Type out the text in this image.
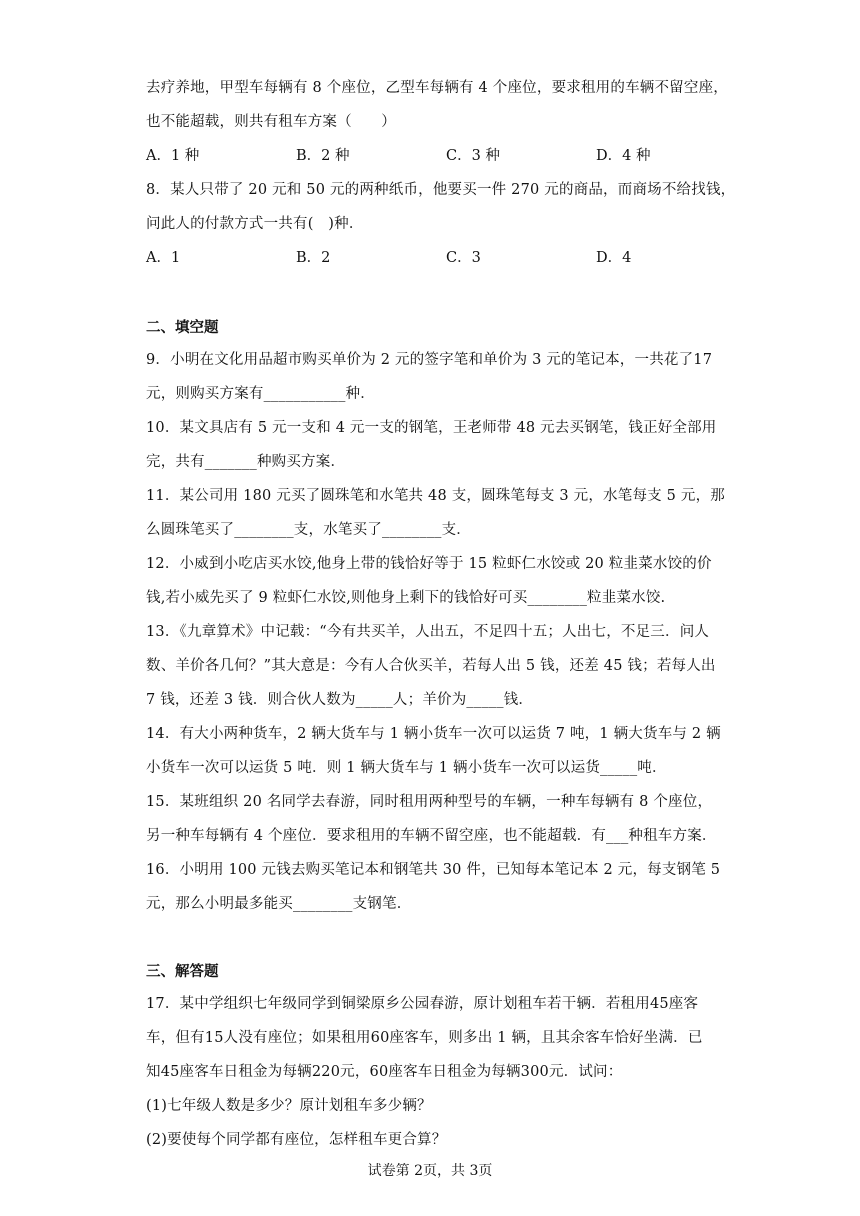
去疗养地，甲型车每辆有 8 个座位，乙型车每辆有 4 个座位，要求租用的车辆不留空座，
也不能超载，则共有租车方案（　　）
A．1 种	B．2 种	C．3 种	D．4 种
8．某人只带了 20 元和 50 元的两种纸币，他要买一件 270 元的商品，而商场不给找钱，
问此人的付款方式一共有(　)种．
A．1	B．2	C．3	D．4
二、填空题
9．小明在文化用品超市购买单价为 2 元的签字笔和单价为 3 元的笔记本，一共花了17
元，则购买方案有___________种．
10．某文具店有 5 元一支和 4 元一支的钢笔，王老师带 48 元去买钢笔，钱正好全部用
完，共有_______种购买方案．
11．某公司用 180 元买了圆珠笔和水笔共 48 支，圆珠笔每支 3 元，水笔每支 5 元，那
么圆珠笔买了________支，水笔买了________支．
12．小威到小吃店买水饺,他身上带的钱恰好等于 15 粒虾仁水饺或 20 粒韭菜水饺的价
钱,若小威先买了 9 粒虾仁水饺,则他身上剩下的钱恰好可买________粒韭菜水饺.
13．《九章算术》中记载：“今有共买羊，人出五，不足四十五；人出七，不足三．问人
数、羊价各几何？”其大意是：今有人合伙买羊，若每人出 5 钱，还差 45 钱；若每人出
7 钱，还差 3 钱．则合伙人数为_____人；羊价为_____钱．
14．有大小两种货车，2 辆大货车与 1 辆小货车一次可以运货 7 吨，1 辆大货车与 2 辆
小货车一次可以运货 5 吨．则 1 辆大货车与 1 辆小货车一次可以运货_____吨．
15．某班组织 20 名同学去春游，同时租用两种型号的车辆，一种车每辆有 8 个座位，
另一种车每辆有 4 个座位．要求租用的车辆不留空座，也不能超载．有___种租车方案．
16．小明用 100 元钱去购买笔记本和钢笔共 30 件，已知每本笔记本 2 元，每支钢笔 5
元，那么小明最多能买________支钢笔．
三、解答题
17．某中学组织七年级同学到铜梁原乡公园春游，原计划租车若干辆．若租用45座客
车，但有15人没有座位；如果租用60座客车，则多出 1 辆，且其余客车恰好坐满．已
知45座客车日租金为每辆220元，60座客车日租金为每辆300元．试问：
(1)七年级人数是多少？原计划租车多少辆？
(2)要使每个同学都有座位，怎样租车更合算？
试卷第 2页，共 3页
